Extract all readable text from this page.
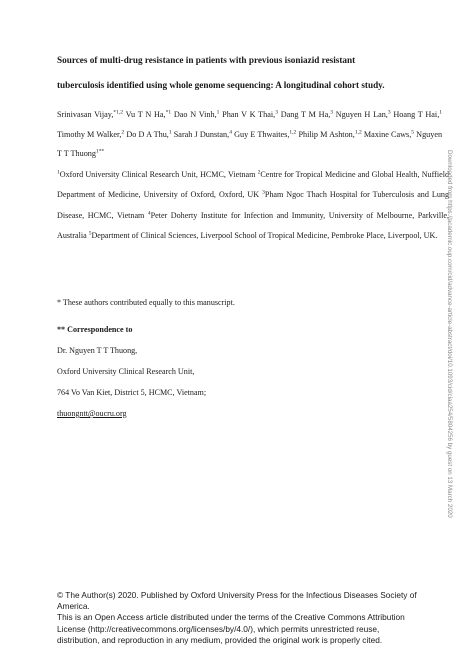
Sources of multi-drug resistance in patients with previous isoniazid resistant
tuberculosis identified using whole genome sequencing: A longitudinal cohort study.
Srinivasan Vijay,$^{*1,2}$ Vu T N Ha,$^{*1}$ Dao N Vinh,$^1$ Phan V K Thai,$^3$ Dang T M Ha,$^3$ Nguyen H Lan,$^3$ Hoang T Hai,$^1$ Timothy M Walker,$^2$ Do D A Thu,$^1$ Sarah J Dunstan,$^4$ Guy E Thwaites,$^{1,2}$ Philip M Ashton,$^{1,2}$ Maxine Caws,$^5$ Nguyen T T Thuong$^{1**}$
$^1$Oxford University Clinical Research Unit, HCMC, Vietnam $^2$Centre for Tropical Medicine and Global Health, Nuffield Department of Medicine, University of Oxford, Oxford, UK $^3$Pham Ngoc Thach Hospital for Tuberculosis and Lung Disease, HCMC, Vietnam $^4$Peter Doherty Institute for Infection and Immunity, University of Melbourne, Parkville, Australia $^5$Department of Clinical Sciences, Liverpool School of Tropical Medicine, Pembroke Place, Liverpool, UK.
* These authors contributed equally to this manuscript.
** Correspondence to
Dr. Nguyen T T Thuong,
Oxford University Clinical Research Unit,
764 Vo Van Kiet, District 5, HCMC, Vietnam;
thuongntt@oucru.org	Downloaded from https://academic.oup.com/cid/advance-article-abstract/doi/10.1093/cid/ciaa254/5804256 by guest on 13 March 2020
© The Author(s) 2020. Published by Oxford University Press for the Infectious Diseases Society of
America.
This is an Open Access article distributed under the terms of the Creative Commons Attribution
License (http://creativecommons.org/licenses/by/4.0/), which permits unrestricted reuse,
distribution, and reproduction in any medium, provided the original work is properly cited.
